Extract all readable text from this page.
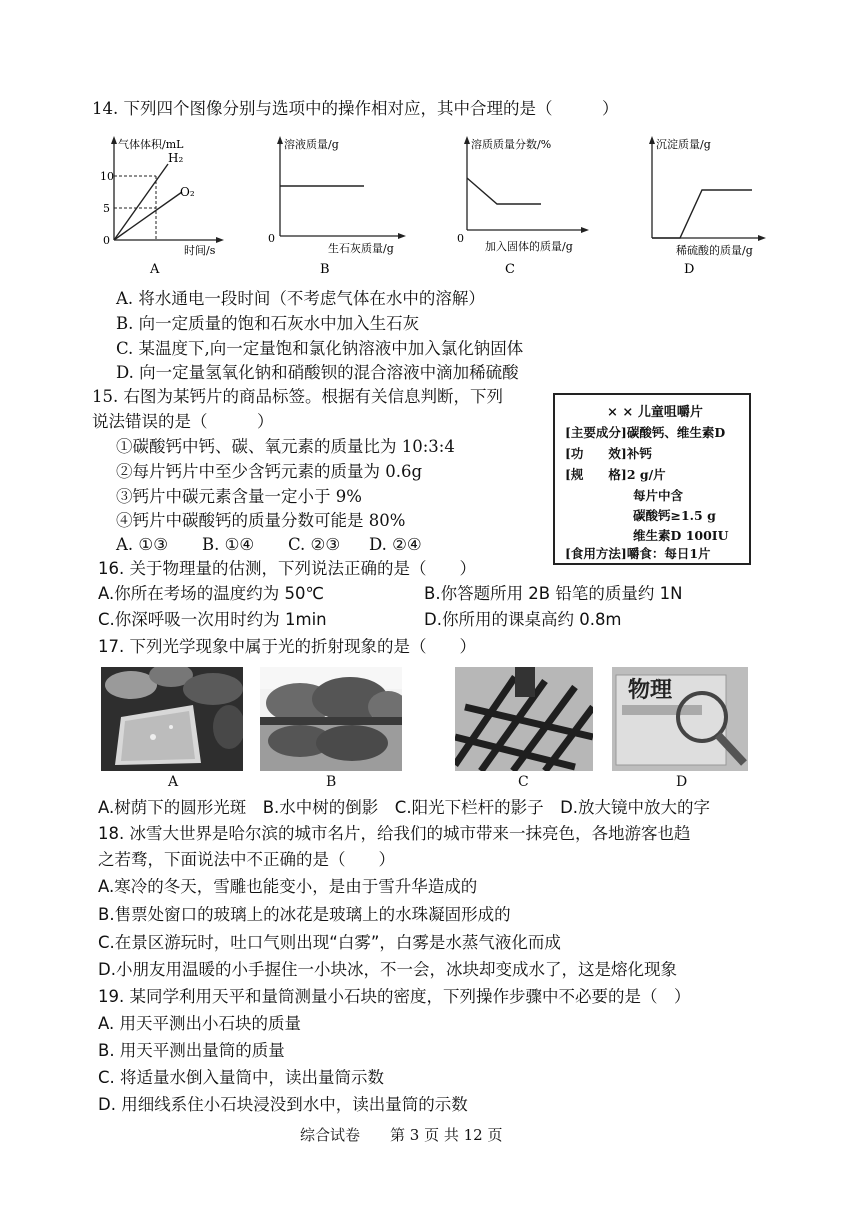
14. 下列四个图像分别与选项中的操作相对应，其中合理的是（　　　）
气体体积/mL
10
5
0
H₂
O₂
时间/s
A
溶液质量/g
0
生石灰质量/g
B
溶质质量分数/%
0
加入固体的质量/g
C
沉淀质量/g
稀硫酸的质量/g
D
A. 将水通电一段时间（不考虑气体在水中的溶解）
B. 向一定质量的饱和石灰水中加入生石灰
C. 某温度下,向一定量饱和氯化钠溶液中加入氯化钠固体
D. 向一定量氢氧化钠和硝酸钡的混合溶液中滴加稀硫酸
15. 右图为某钙片的商品标签。根据有关信息判断，下列
说法错误的是（　　　）
①碳酸钙中钙、碳、氧元素的质量比为 10:3:4
②每片钙片中至少含钙元素的质量为 0.6g
③钙片中碳元素含量一定小于 9%
④钙片中碳酸钙的质量分数可能是 80%
A. ①③ B. ①④ C. ②③ D. ②④
× × 儿童咀嚼片
[主要成分]碳酸钙、维生素D
[功　　效]补钙
[规　　格]2 g/片
每片中含
碳酸钙≥1.5 g
维生素D 100IU
[食用方法]嚼食：每日1片
16. 关于物理量的估测，下列说法正确的是（　　）
A.你所在考场的温度约为 50℃	B.你答题所用 2B 铅笔的质量约 1N
C.你深呼吸一次用时约为 1min	D.你所用的课桌高约 0.8m
17. 下列光学现象中属于光的折射现象的是（　　）
物理
A	B	C	D
A.树荫下的圆形光斑　B.水中树的倒影　C.阳光下栏杆的影子　D.放大镜中放大的字
18. 冰雪大世界是哈尔滨的城市名片，给我们的城市带来一抹亮色，各地游客也趋
之若骛，下面说法中不正确的是（　　）
A.寒冷的冬天，雪雕也能变小，是由于雪升华造成的
B.售票处窗口的玻璃上的冰花是玻璃上的水珠凝固形成的
C.在景区游玩时，吐口气则出现“白雾”，白雾是水蒸气液化而成
D.小朋友用温暖的小手握住一小块冰，不一会，冰块却变成水了，这是熔化现象
19. 某同学利用天平和量筒测量小石块的密度，下列操作步骤中不必要的是（　）
A. 用天平测出小石块的质量
B. 用天平测出量筒的质量
C. 将适量水倒入量筒中，读出量筒示数
D. 用细线系住小石块浸没到水中，读出量筒的示数
综合试卷　　第 3 页 共 12 页
